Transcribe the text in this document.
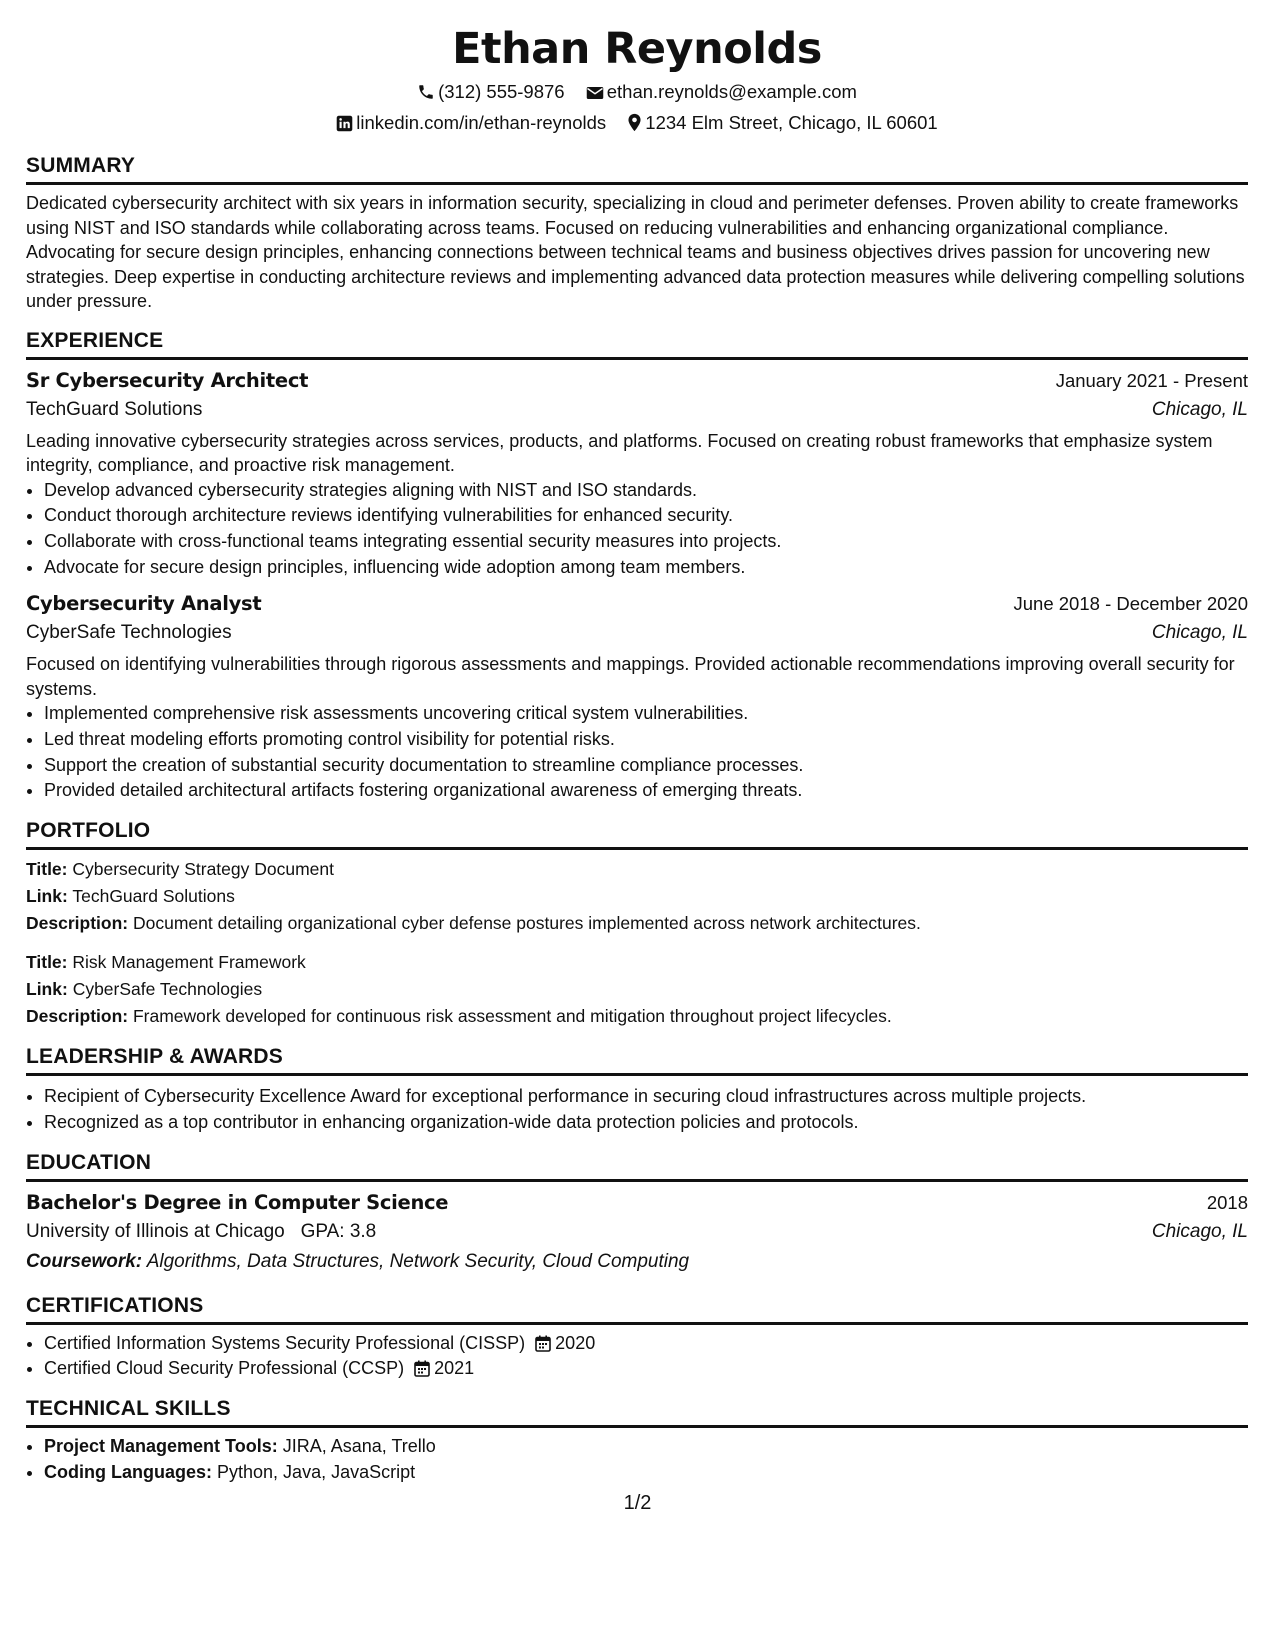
Ethan Reynolds
(312) 555-9876 ethan.reynolds@example.com
linkedin.com/in/ethan-reynolds 1234 Elm Street, Chicago, IL 60601
SUMMARY

Dedicated cybersecurity architect with six years in information security, specializing in cloud and perimeter defenses. Proven ability to create frameworks using NIST and ISO standards while collaborating across teams. Focused on reducing vulnerabilities and enhancing organizational compliance. Advocating for secure design principles, enhancing connections between technical teams and business objectives drives passion for uncovering new strategies. Deep expertise in conducting architecture reviews and implementing advanced data protection measures while delivering compelling solutions under pressure.

EXPERIENCE
Sr Cybersecurity Architect	January 2021 - Present
TechGuard Solutions	Chicago, IL

Leading innovative cybersecurity strategies across services, products, and platforms. Focused on creating robust frameworks that emphasize system integrity, compliance, and proactive risk management.

• Develop advanced cybersecurity strategies aligning with NIST and ISO standards.
• Conduct thorough architecture reviews identifying vulnerabilities for enhanced security.
• Collaborate with cross-functional teams integrating essential security measures into projects.
• Advocate for secure design principles, influencing wide adoption among team members.
Cybersecurity Analyst	June 2018 - December 2020
CyberSafe Technologies	Chicago, IL

Focused on identifying vulnerabilities through rigorous assessments and mappings. Provided actionable recommendations improving overall security for systems.

• Implemented comprehensive risk assessments uncovering critical system vulnerabilities.
• Led threat modeling efforts promoting control visibility for potential risks.
• Support the creation of substantial security documentation to streamline compliance processes.
• Provided detailed architectural artifacts fostering organizational awareness of emerging threats.
PORTFOLIO
Title: Cybersecurity Strategy Document
Link: TechGuard Solutions
Description: Document detailing organizational cyber defense postures implemented across network architectures.
Title: Risk Management Framework
Link: CyberSafe Technologies
Description: Framework developed for continuous risk assessment and mitigation throughout project lifecycles.
LEADERSHIP & AWARDS
• Recipient of Cybersecurity Excellence Award for exceptional performance in securing cloud infrastructures across multiple projects.
• Recognized as a top contributor in enhancing organization-wide data protection policies and protocols.
EDUCATION
Bachelor's Degree in Computer Science	2018
University of Illinois at Chicago GPA: 3.8	Chicago, IL
Coursework: Algorithms, Data Structures, Network Security, Cloud Computing
CERTIFICATIONS
• Certified Information Systems Security Professional (CISSP) 2020
• Certified Cloud Security Professional (CCSP) 2021
TECHNICAL SKILLS
• Project Management Tools: JIRA, Asana, Trello
• Coding Languages: Python, Java, JavaScript
1/2
